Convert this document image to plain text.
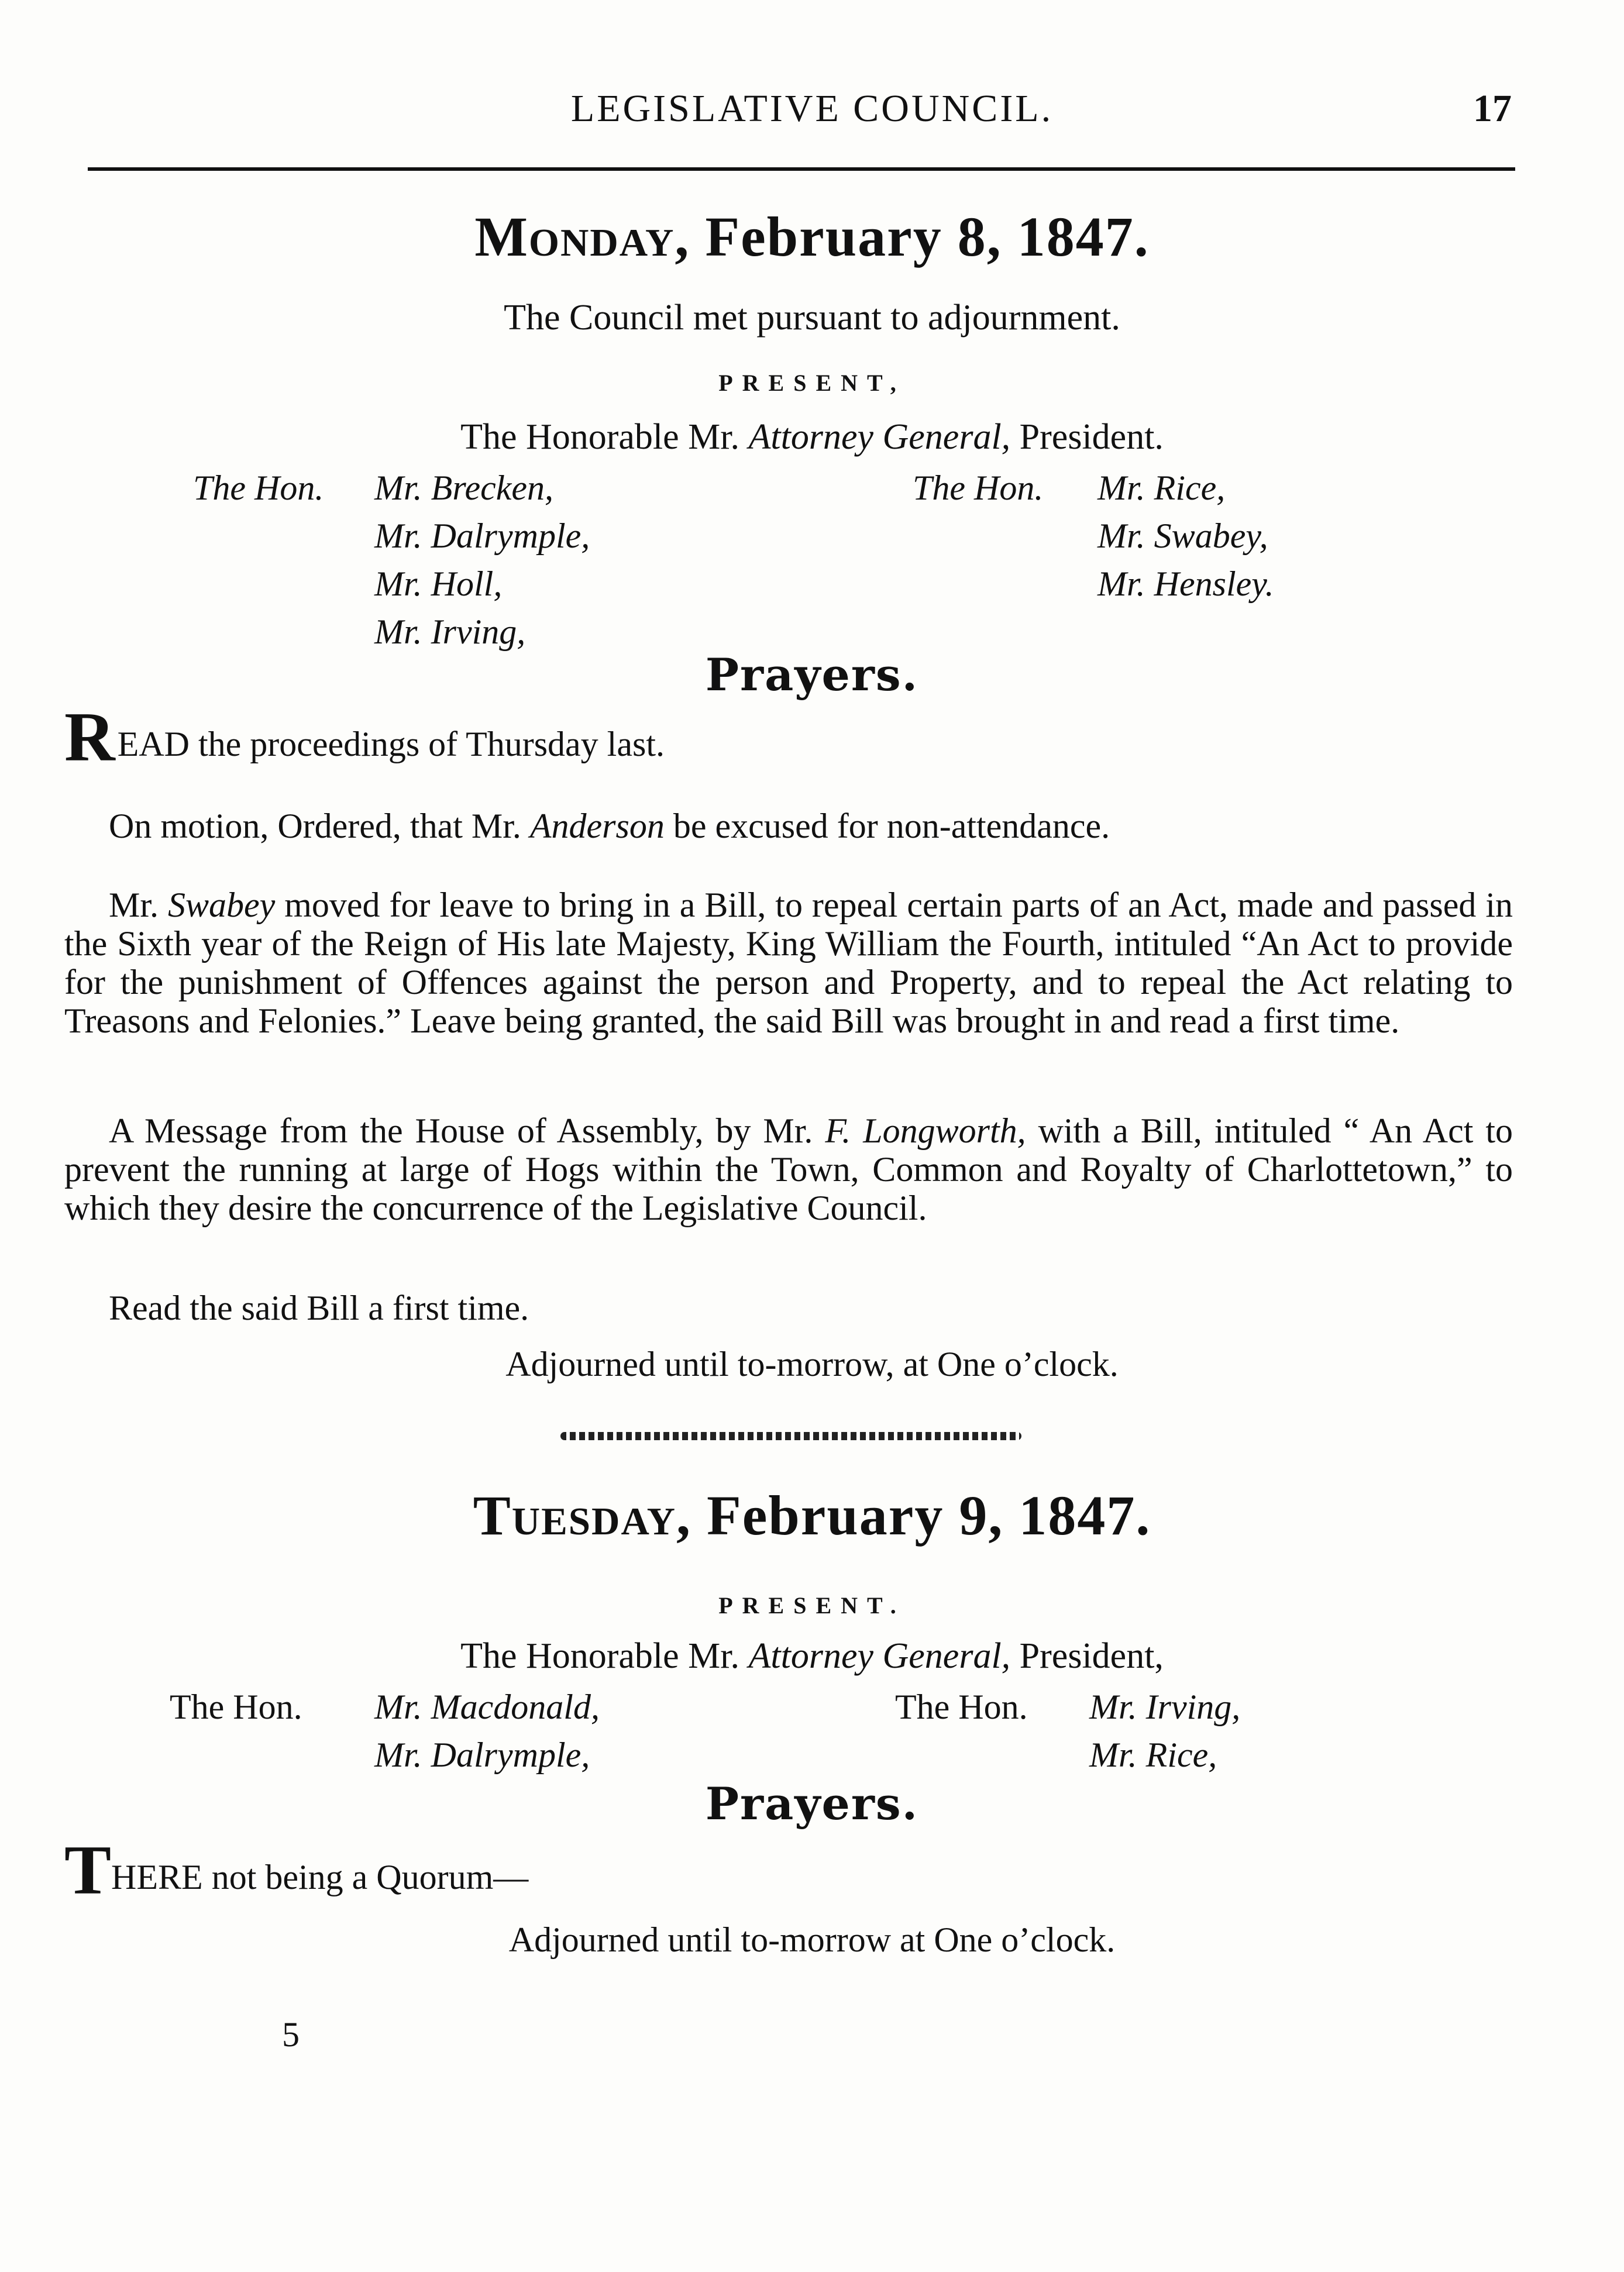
LEGISLATIVE COUNCIL.	17
Monday, February 8, 1847.
The Council met pursuant to adjournment.
PRESENT,
The Honorable Mr. Attorney General, President.
The Hon. Mr. Brecken,
Mr. Dalrymple,
Mr. Holl,
Mr. Irving,
The Hon. Mr. Rice,
Mr. Swabey,
Mr. Hensley.
Prayers.
READ the proceedings of Thursday last.
On motion, Ordered, that Mr. Anderson be excused for non-attendance.
Mr. Swabey moved for leave to bring in a Bill, to repeal certain parts of an Act, made and passed in the Sixth year of the Reign of His late Majesty, King William the Fourth, intituled “An Act to provide for the punishment of Offences against the person and Property, and to repeal the Act relating to Treasons and Felonies.” Leave being granted, the said Bill was brought in and read a first time.
A Message from the House of Assembly, by Mr. F. Longworth, with a Bill, intituled “ An Act to prevent the running at large of Hogs within the Town, Common and Royalty of Charlottetown,” to which they desire the concurrence of the Legislative Council.
Read the said Bill a first time.
Adjourned until to-morrow, at One o’clock.
Tuesday, February 9, 1847.
PRESENT.
The Honorable Mr. Attorney General, President,
The Hon. Mr. Macdonald,
Mr. Dalrymple,
The Hon. Mr. Irving,
Mr. Rice,
Prayers.
THERE not being a Quorum—
Adjourned until to-morrow at One o’clock.
5
